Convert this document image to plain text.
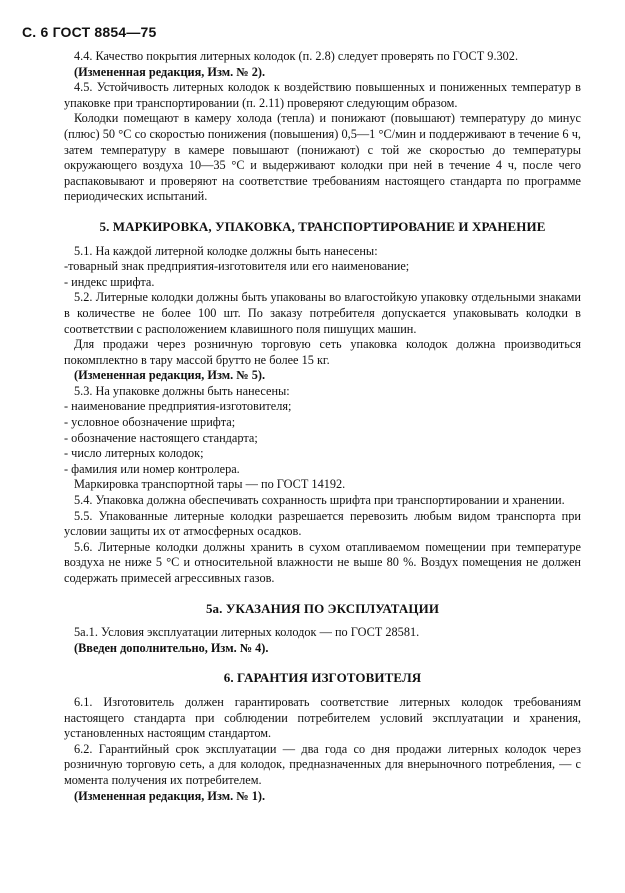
С. 6 ГОСТ 8854—75

4.4. Качество покрытия литерных колодок (п. 2.8) следует проверять по ГОСТ 9.302.

(Измененная редакция, Изм. № 2).

4.5. Устойчивость литерных колодок к воздействию повышенных и пониженных температур в упаковке при транспортировании (п. 2.11) проверяют следующим образом.

Колодки помещают в камеру холода (тепла) и понижают (повышают) температуру до минус (плюс) 50 °С со скоростью понижения (повышения) 0,5—1 °С/мин и поддерживают в течение 6 ч, затем температуру в камере повышают (понижают) с той же скоростью до температуры окружающего воздуха 10—35 °С и выдерживают колодки при ней в течение 4 ч, после чего распаковывают и проверяют на соответствие требованиям настоящего стандарта по программе периодических испытаний.

5. МАРКИРОВКА, УПАКОВКА, ТРАНСПОРТИРОВАНИЕ И ХРАНЕНИЕ

5.1. На каждой литерной колодке должны быть нанесены:

-товарный знак предприятия-изготовителя или его наименование;

- индекс шрифта.

5.2. Литерные колодки должны быть упакованы во влагостойкую упаковку отдельными знаками в количестве не более 100 шт. По заказу потребителя допускается упаковывать колодки в соответствии с расположением клавишного поля пишущих машин.

Для продажи через розничную торговую сеть упаковка колодок должна производиться покомплектно в тару массой брутто не более 15 кг.

(Измененная редакция, Изм. № 5).

5.3. На упаковке должны быть нанесены:

- наименование предприятия-изготовителя;

- условное обозначение шрифта;

- обозначение настоящего стандарта;

- число литерных колодок;

- фамилия или номер контролера.

Маркировка транспортной тары — по ГОСТ 14192.

5.4. Упаковка должна обеспечивать сохранность шрифта при транспортировании и хранении.

5.5. Упакованные литерные колодки разрешается перевозить любым видом транспорта при условии защиты их от атмосферных осадков.

5.6. Литерные колодки должны хранить в сухом отапливаемом помещении при температуре воздуха не ниже 5 °С и относительной влажности не выше 80 %. Воздух помещения не должен содержать примесей агрессивных газов.

5а. УКАЗАНИЯ ПО ЭКСПЛУАТАЦИИ

5а.1. Условия эксплуатации литерных колодок — по ГОСТ 28581.

(Введен дополнительно, Изм. № 4).

6. ГАРАНТИЯ ИЗГОТОВИТЕЛЯ

6.1. Изготовитель должен гарантировать соответствие литерных колодок требованиям настоящего стандарта при соблюдении потребителем условий эксплуатации и хранения, установленных настоящим стандартом.

6.2. Гарантийный срок эксплуатации — два года со дня продажи литерных колодок через розничную торговую сеть, а для колодок, предназначенных для внерыночного потребления, — с момента получения их потребителем.

(Измененная редакция, Изм. № 1).
